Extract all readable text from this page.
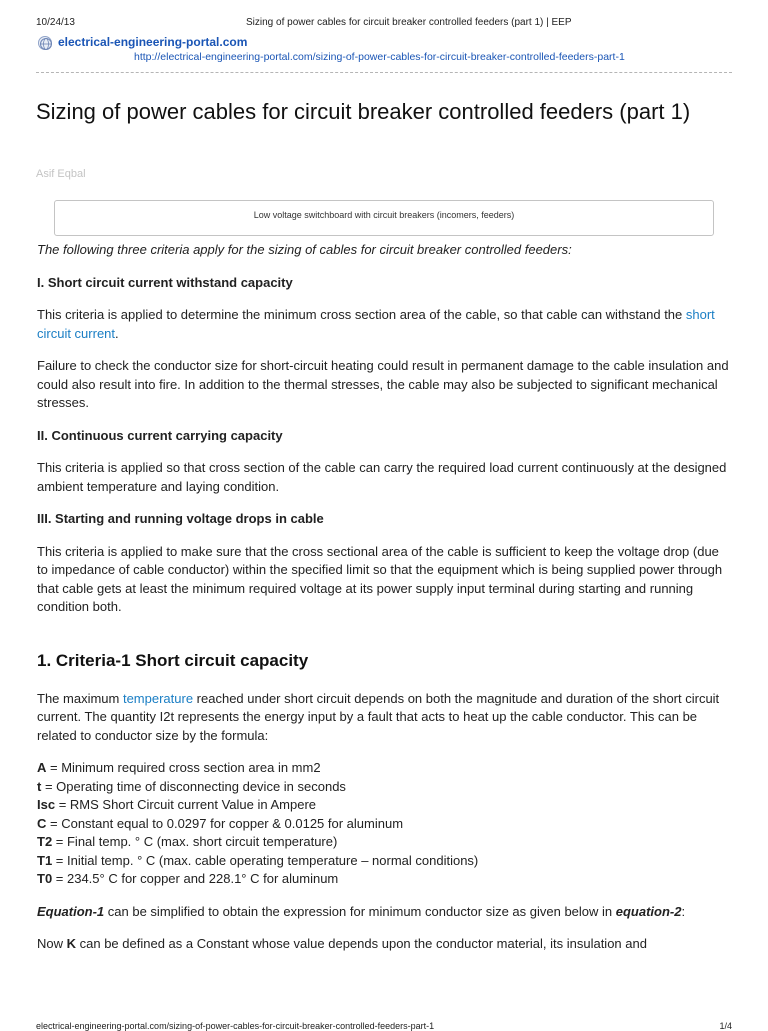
10/24/13	Sizing of power cables for circuit breaker controlled feeders (part 1) | EEP
electrical-engineering-portal.com
http://electrical-engineering-portal.com/sizing-of-power-cables-for-circuit-breaker-controlled-feeders-part-1
Sizing of power cables for circuit breaker controlled feeders (part 1)
Asif Eqbal
Low voltage switchboard with circuit breakers (incomers, feeders)

The following three criteria apply for the sizing of cables for circuit breaker controlled feeders:

I. Short circuit current withstand capacity

This criteria is applied to determine the minimum cross section area of the cable, so that cable can withstand the short circuit current.

Failure to check the conductor size for short-circuit heating could result in permanent damage to the cable insulation and could also result into fire. In addition to the thermal stresses, the cable may also be subjected to significant mechanical stresses.

II. Continuous current carrying capacity

This criteria is applied so that cross section of the cable can carry the required load current continuously at the designed ambient temperature and laying condition.

III. Starting and running voltage drops in cable

This criteria is applied to make sure that the cross sectional area of the cable is sufficient to keep the voltage drop (due to impedance of cable conductor) within the specified limit so that the equipment which is being supplied power through that cable gets at least the minimum required voltage at its power supply input terminal during starting and running condition both.

1. Criteria-1 Short circuit capacity

The maximum temperature reached under short circuit depends on both the magnitude and duration of the short circuit current. The quantity I2t represents the energy input by a fault that acts to heat up the cable conductor. This can be related to conductor size by the formula:

A = Minimum required cross section area in mm2

t = Operating time of disconnecting device in seconds

Isc = RMS Short Circuit current Value in Ampere

C = Constant equal to 0.0297 for copper & 0.0125 for aluminum

T2 = Final temp. ° C (max. short circuit temperature)

T1 = Initial temp. ° C (max. cable operating temperature – normal conditions)

T0 = 234.5° C for copper and 228.1° C for aluminum

Equation-1 can be simplified to obtain the expression for minimum conductor size as given below in equation-2:

Now K can be defined as a Constant whose value depends upon the conductor material, its insulation and

electrical-engineering-portal.com/sizing-of-power-cables-for-circuit-breaker-controlled-feeders-part-1	1/4
